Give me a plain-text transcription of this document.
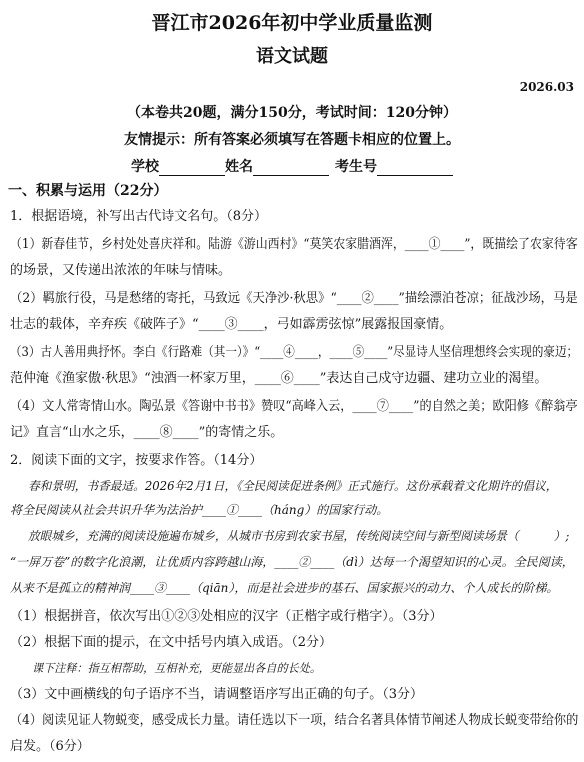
晋江市2026年初中学业质量监测
语文试题
2026.03
（本卷共20题，满分150分，考试时间：120分钟）
友情提示：所有答案必须填写在答题卡相应的位置上。
学校	姓名	考生号
一、积累与运用（22分）
1．根据语境，补写出古代诗文名句。（8分）
（1）新春佳节，乡村处处喜庆祥和。陆游《游山西村》“莫笑农家腊酒浑，____①____”，既描绘了农家待客
的场景，又传递出浓浓的年味与情味。
（2）羁旅行役，马是愁绪的寄托，马致远《天净沙·秋思》“____②____”描绘漂泊苍凉；征战沙场，马是
壮志的载体，辛弃疾《破阵子》“____③____，弓如霹雳弦惊”展露报国豪情。
（3）古人善用典抒怀。李白《行路难（其一）》“____④____，____⑤____”尽显诗人坚信理想终会实现的豪迈；
范仲淹《渔家傲·秋思》“浊酒一杯家万里，____⑥____”表达自己戍守边疆、建功立业的渴望。
（4）文人常寄情山水。陶弘景《答谢中书书》赞叹“高峰入云，____⑦____”的自然之美；欧阳修《醉翁亭
记》直言“山水之乐，____⑧____”的寄情之乐。
2．阅读下面的文字，按要求作答。（14分）
春和景明，书香最适。2026年2月1日，《全民阅读促进条例》正式施行。这份承载着文化期许的倡议，
将全民阅读从社会共识升华为法治护____①____（háng）的国家行动。
放眼城乡，充满的阅读设施遍布城乡，从城市书房到农家书屋，传统阅读空间与新型阅读场景（　　　）;
“一屏万卷”的数字化浪潮，让优质内容跨越山海，____②____（dì）达每一个渴望知识的心灵。全民阅读，
从来不是孤立的精神润____③____（qiān），而是社会进步的基石、国家振兴的动力、个人成长的阶梯。
（1）根据拼音，依次写出①②③处相应的汉字（正楷字或行楷字）。（3分）
（2）根据下面的提示，在文中括号内填入成语。（2分）
课下注释：指互相帮助，互相补充，更能显出各自的长处。
（3）文中画横线的句子语序不当，请调整语序写出正确的句子。（3分）
（4）阅读见证人物蜕变，感受成长力量。请任选以下一项，结合名著具体情节阐述人物成长蜕变带给你的
启发。（6分）
